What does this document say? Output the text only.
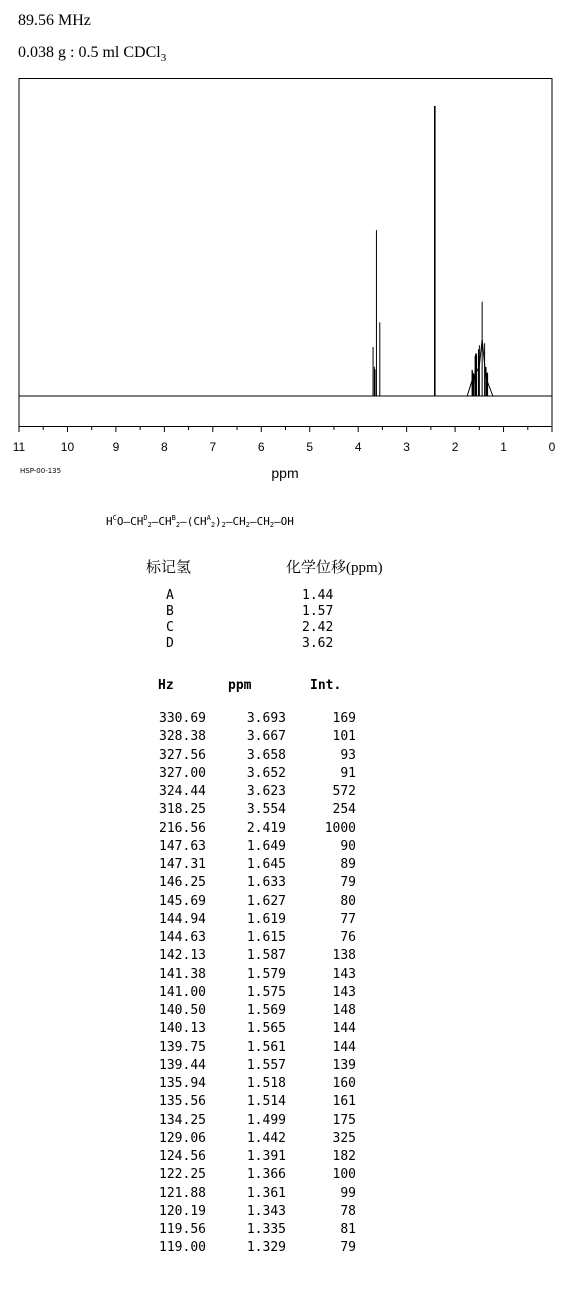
89.56 MHz
0.038 g : 0.5 ml CDCl$_3$
11	10	9	8	7	6	5	4	3	2	1	0
ppm
HSP-00-135
$H^CO—CH^D_2—CH^B_2—(CH^A_2)_2—CH_2—CH_2—OH$
标记氢	化学位移(ppm)
A	1.44
B	1.57
C	2.42
D	3.62
Hz	ppm	Int.
330.69	3.693	169
328.38	3.667	101
327.56	3.658	93
327.00	3.652	91
324.44	3.623	572
318.25	3.554	254
216.56	2.419	1000
147.63	1.649	90
147.31	1.645	89
146.25	1.633	79
145.69	1.627	80
144.94	1.619	77
144.63	1.615	76
142.13	1.587	138
141.38	1.579	143
141.00	1.575	143
140.50	1.569	148
140.13	1.565	144
139.75	1.561	144
139.44	1.557	139
135.94	1.518	160
135.56	1.514	161
134.25	1.499	175
129.06	1.442	325
124.56	1.391	182
122.25	1.366	100
121.88	1.361	99
120.19	1.343	78
119.56	1.335	81
119.00	1.329	79
